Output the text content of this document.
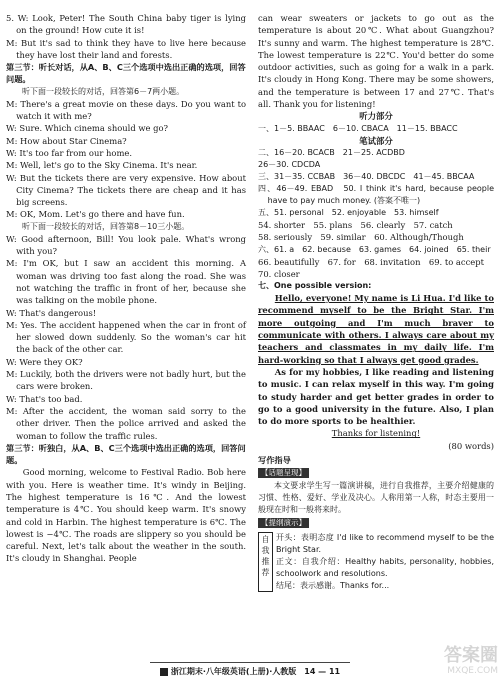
5. W: Look, Peter! The South China baby tiger is lying on the ground! How cute it is!

M: But it's sad to think they have to live here because they have lost their land and forests.

第三节：听长对话，从A、B、C三个选项中选出正确的选项，回答问题。

听下面一段较长的对话，回答第6－7两小题。

M: There's a great movie on these days. Do you want to watch it with me?

W: Sure. Which cinema should we go?

M: How about Star Cinema?

W: It's too far from our home.

M: Well, let's go to the Sky Cinema. It's near.

W: But the tickets there are very expensive. How about City Cinema? The tickets there are cheap and it has big screens.

M: OK, Mom. Let's go there and have fun.

听下面一段较长的对话，回答第8－10三小题。

W: Good afternoon, Bill! You look pale. What's wrong with you?

M: I'm OK, but I saw an accident this morning. A woman was driving too fast along the road. She was not watching the traffic in front of her, because she was talking on the mobile phone.

W: That's dangerous!

M: Yes. The accident happened when the car in front of her slowed down suddenly. So the woman's car hit the back of the other car.

W: Were they OK?

M: Luckily, both the drivers were not badly hurt, but the cars were broken.

W: That's too bad.

M: After the accident, the woman said sorry to the other driver. Then the police arrived and asked the woman to follow the traffic rules.

第三节：听独白，从A、B、C三个选项中选出正确的选项，回答问题。

Good morning, welcome to Festival Radio. Bob here with you. Here is weather time. It's windy in Beijing. The highest temperature is 16℃. And the lowest temperature is 4℃. You should keep warm. It's snowy and cold in Harbin. The highest temperature is 6℃. The lowest is −4℃. The roads are slippery so you should be careful. Next, let's talk about the weather in the south. It's cloudy in Shanghai. People

can wear sweaters or jackets to go out as the temperature is about 20℃. What about Guangzhou? It's sunny and warm. The highest temperature is 28℃. The lowest temperature is 22℃. You'd better do some outdoor activities, such as going for a walk in a park. It's cloudy in Hong Kong. There may be some showers, and the temperature is between 17 and 27℃. That's all. Thank you for listening!

听力部分

一、1－5. BBAAC　6－10. CBACA　11－15. BBACC

笔试部分

二、16－20. BCACB　21－25. ACDBD

26－30. CDCDA

三、31－35. CCBAB　36－40. DBCDC　41－45. BBCAA

四、46－49. EBAD　50. I think it's hard, because people have to pay much money. (答案不唯一)

五、51. personal　52. enjoyable　53. himself

54. shorter　55. plans　56. clearly　57. catch

58. seriously　59. similar　60. Although/Though

六、61. a　62. because　63. games　64. joined　65. their

66. beautifully　67. for　68. invitation　69. to accept

70. closer

七、One possible version:

Hello, everyone! My name is Li Hua. I'd like to recommend myself to be the Bright Star. I'm more outgoing and I'm much braver to communicate with others. I always care about my teachers and classmates in my daily life. I'm hard-working so that I always get good grades.

As for my hobbies, I like reading and listening to music. I can relax myself in this way. I'm going to study harder and get better grades in order to go to a good university in the future. Also, I plan to do more sports to be healthier.

Thanks for listening!

(80 words)

写作指导

【话题呈现】

本文要求学生写一篇演讲稿，进行自我推荐，主要介绍健康的习惯、性格、爱好、学业及决心。人称用第一人称，时态主要用一般现在时和一般将来时。

【提纲演示】
自我推荐

开头：表明态度 I'd like to recommend myself to be the Bright Star.

正文：自我介绍：Healthy habits, personality, hobbies, schoolwork and resolutions.

结尾：表示感谢。Thanks for...

浙江期末·八年级英语(上册)·人教版　14 — 11
答案圈
MXQE.COM
